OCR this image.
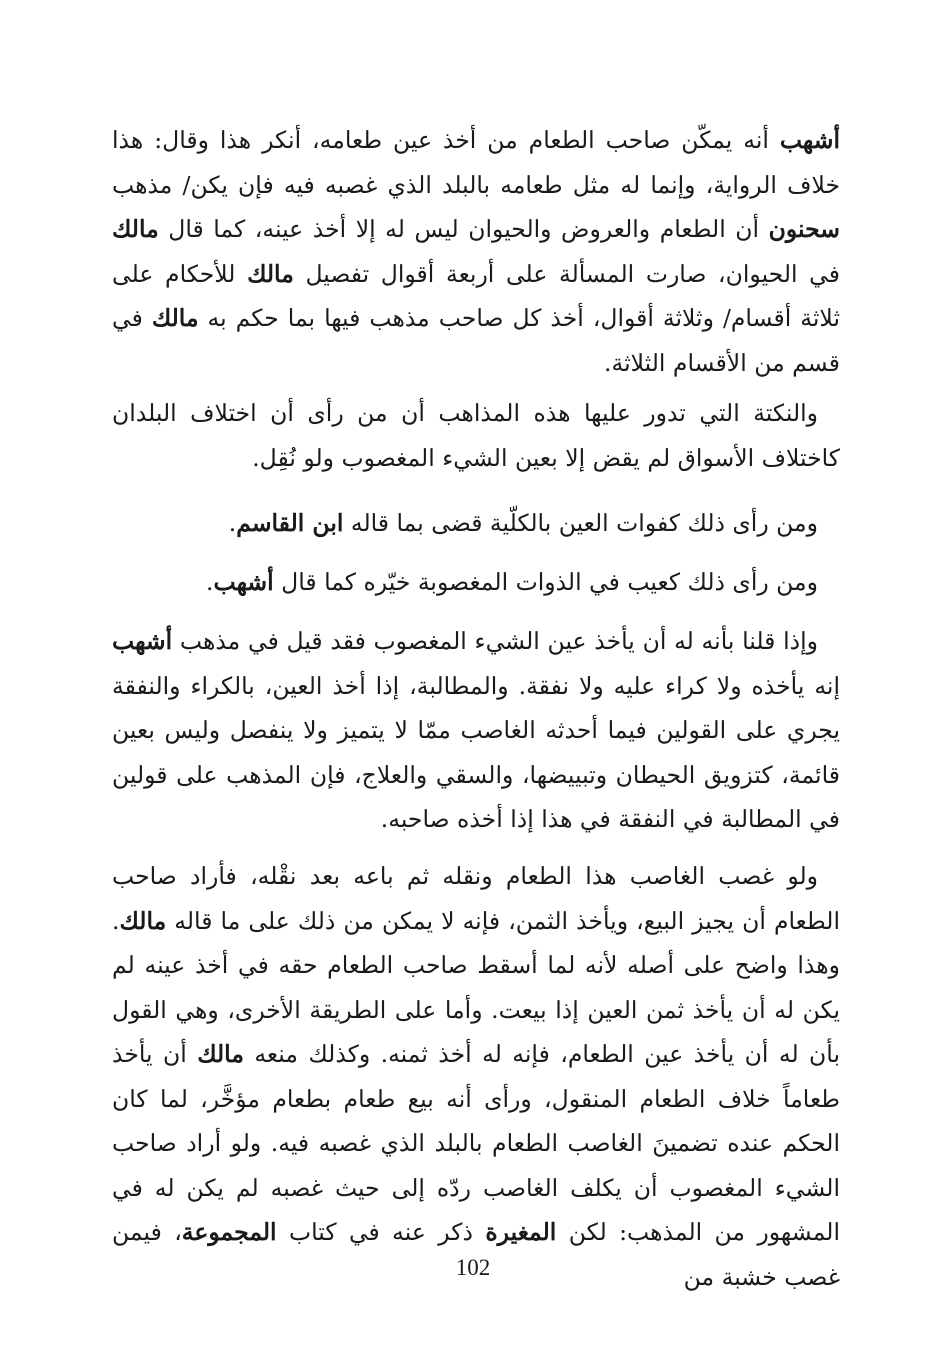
أشهب أنه يمكّن صاحب الطعام من أخذ عين طعامه، أنكر هذا وقال: هذا خلاف الرواية، وإنما له مثل طعامه بالبلد الذي غصبه فيه فإن يكن/ مذهب سحنون أن الطعام والعروض والحيوان ليس له إلا أخذ عينه، كما قال مالك في الحيوان، صارت المسألة على أربعة أقوال تفصيل مالك للأحكام على ثلاثة أقسام/ وثلاثة أقوال، أخذ كل صاحب مذهب فيها بما حكم به مالك في قسم من الأقسام الثلاثة.

والنكتة التي تدور عليها هذه المذاهب أن من رأى أن اختلاف البلدان كاختلاف الأسواق لم يقض إلا بعين الشيء المغصوب ولو نُقِل.

ومن رأى ذلك كفوات العين بالكلّية قضى بما قاله ابن القاسم.

ومن رأى ذلك كعيب في الذوات المغصوبة خيّره كما قال أشهب.

وإذا قلنا بأنه له أن يأخذ عين الشيء المغصوب فقد قيل في مذهب أشهب إنه يأخذه ولا كراء عليه ولا نفقة. والمطالبة، إذا أخذ العين، بالكراء والنفقة يجري على القولين فيما أحدثه الغاصب ممّا لا يتميز ولا ينفصل وليس بعين قائمة، كتزويق الحيطان وتبييضها، والسقي والعلاج، فإن المذهب على قولين في المطالبة في النفقة في هذا إذا أخذه صاحبه.

ولو غصب الغاصب هذا الطعام ونقله ثم باعه بعد نقْله، فأراد صاحب الطعام أن يجيز البيع، ويأخذ الثمن، فإنه لا يمكن من ذلك على ما قاله مالك. وهذا واضح على أصله لأنه لما أسقط صاحب الطعام حقه في أخذ عينه لم يكن له أن يأخذ ثمن العين إذا بيعت. وأما على الطريقة الأخرى، وهي القول بأن له أن يأخذ عين الطعام، فإنه له أخذ ثمنه. وكذلك منعه مالك أن يأخذ طعاماً خلاف الطعام المنقول، ورأى أنه بيع طعام بطعام مؤخَّر، لما كان الحكم عنده تضمينَ الغاصب الطعام بالبلد الذي غصبه فيه. ولو أراد صاحب الشيء المغصوب أن يكلف الغاصب ردّه إلى حيث غصبه لم يكن له في المشهور من المذهب: لكن المغيرة ذكر عنه في كتاب المجموعة، فيمن غصب خشبة من

102
